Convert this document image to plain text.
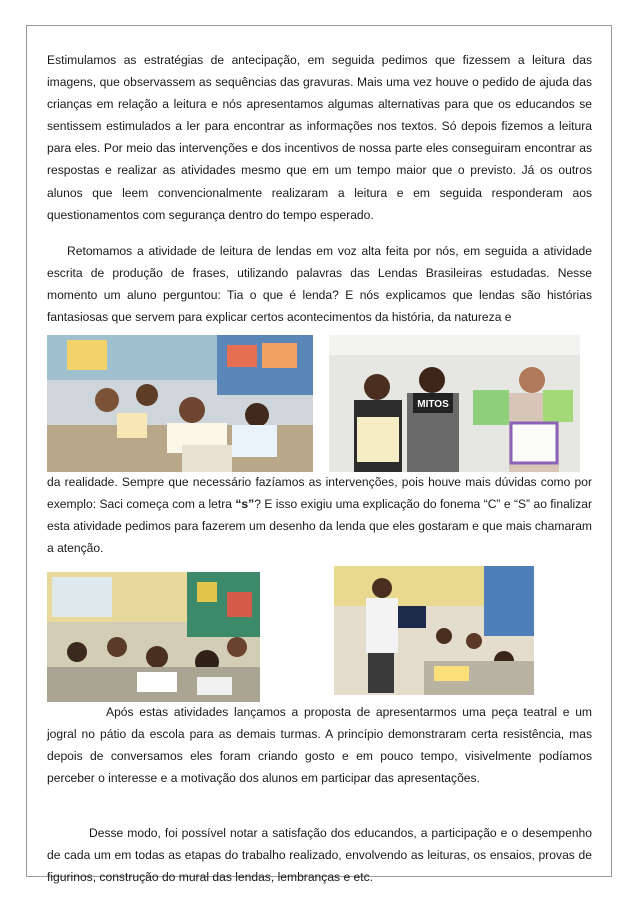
Estimulamos as estratégias de antecipação, em seguida pedimos que fizessem a leitura das imagens, que observassem as sequências das gravuras. Mais uma vez houve o pedido de ajuda das crianças em relação a leitura e nós apresentamos algumas alternativas para que os educandos se sentissem estimulados a ler para encontrar as informações nos textos. Só depois fizemos a leitura para eles. Por meio das intervenções e dos incentivos de nossa parte eles conseguiram encontrar as respostas e realizar as atividades mesmo que em um tempo maior que o previsto. Já os outros alunos que leem convencionalmente realizaram a leitura e em seguida responderam aos questionamentos com segurança dentro do tempo esperado.

Retomamos a atividade de leitura de lendas em voz alta feita por nós, em seguida a atividade escrita de produção de frases, utilizando palavras das Lendas Brasileiras estudadas. Nesse momento um aluno perguntou: Tia o que é lenda? E nós explicamos que lendas são histórias fantasiosas que servem para explicar certos acontecimentos da história, da natureza e

MITOS

da realidade. Sempre que necessário fazíamos as intervenções, pois houve mais dúvidas como por exemplo: Saci começa com a letra “s”? E isso exigiu uma explicação do fonema “C” e “S” ao finalizar esta atividade pedimos para fazerem um desenho da lenda que eles gostaram e que mais chamaram a atenção.

Após estas atividades lançamos a proposta de apresentarmos uma peça teatral e um jogral no pátio da escola para as demais turmas. A princípio demonstraram certa resistência, mas depois de conversamos eles foram criando gosto e em pouco tempo, visivelmente podíamos perceber o interesse e a motivação dos alunos em participar das apresentações.

Desse modo, foi possível notar a satisfação dos educandos, a participação e o desempenho de cada um em todas as etapas do trabalho realizado, envolvendo as leituras, os ensaios, provas de figurinos, construção do mural das lendas, lembranças e etc.
